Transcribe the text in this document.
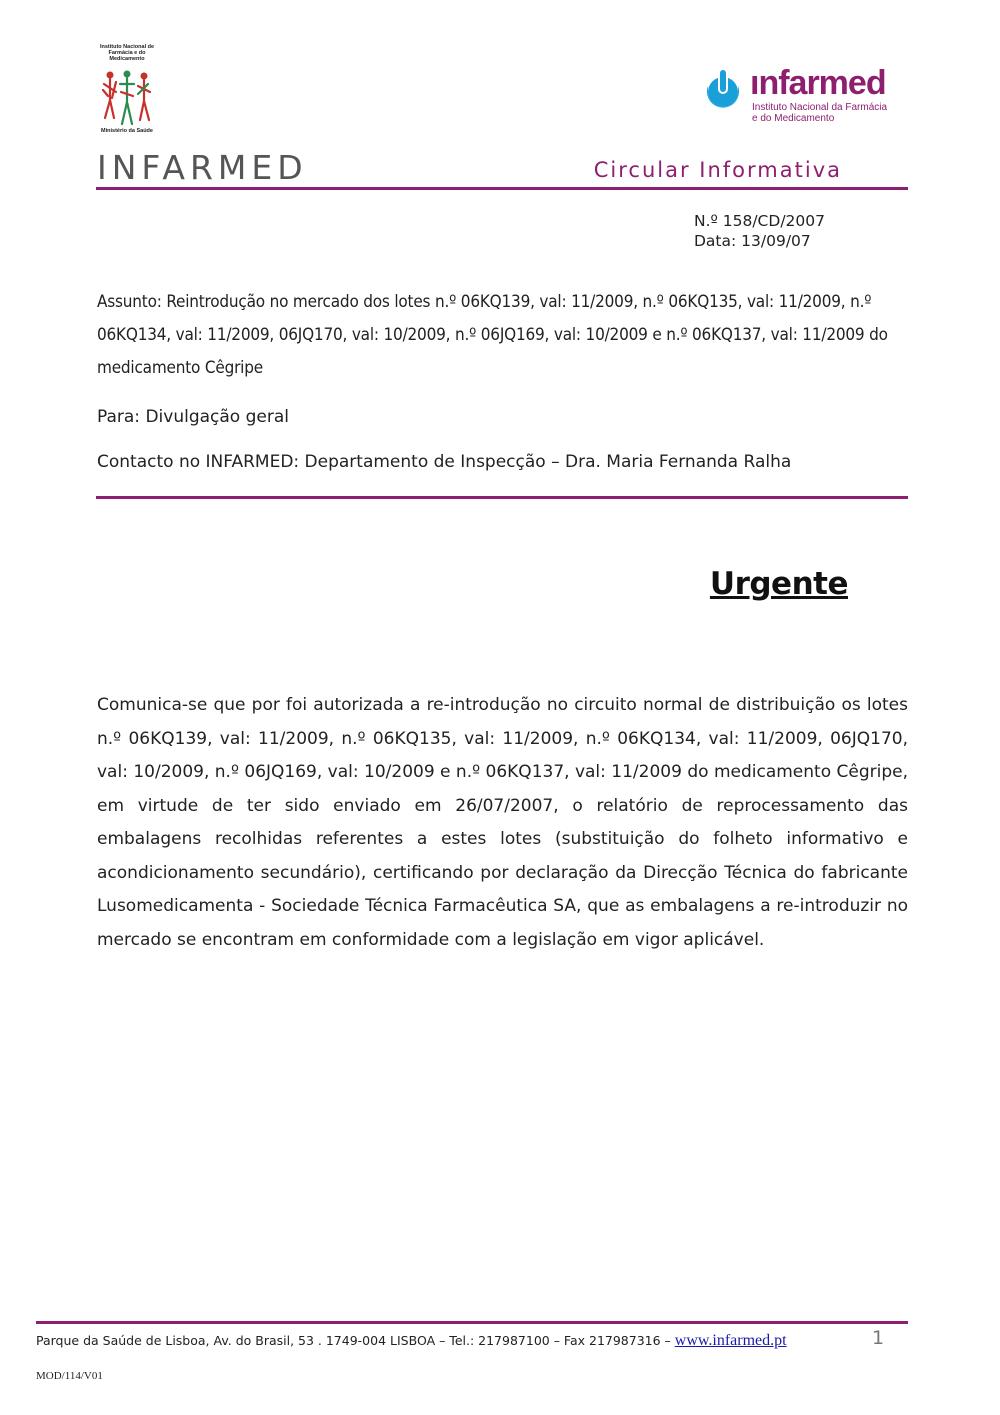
Instituto Nacional de Farmácia e do Medicamento
Ministério da Saúde
ınfarmed
Instituto Nacional da Farmácia e do Medicamento
INFARMED	Circular Informativa
N.º 158/CD/2007
Data: 13/09/07
Assunto: Reintrodução no mercado dos lotes n.º 06KQ139, val: 11/2009, n.º 06KQ135, val: 11/2009, n.º 06KQ134, val: 11/2009, 06JQ170, val: 10/2009, n.º 06JQ169, val: 10/2009 e n.º 06KQ137, val: 11/2009 do medicamento Cêgripe
Para: Divulgação geral
Contacto no INFARMED: Departamento de Inspecção – Dra. Maria Fernanda Ralha
Urgente
Comunica-se que por foi autorizada a re-introdução no circuito normal de distribuição os lotes n.º 06KQ139, val: 11/2009, n.º 06KQ135, val: 11/2009, n.º 06KQ134, val: 11/2009, 06JQ170, val: 10/2009, n.º 06JQ169, val: 10/2009 e n.º 06KQ137, val: 11/2009 do medicamento Cêgripe, em virtude de ter sido enviado em 26/07/2007, o relatório de reprocessamento das embalagens recolhidas referentes a estes lotes (substituição do folheto informativo e acondicionamento secundário), certificando por declaração da Direcção Técnica do fabricante Lusomedicamenta - Sociedade Técnica Farmacêutica SA, que as embalagens a re-introduzir no mercado se encontram em conformidade com a legislação em vigor aplicável.
Parque da Saúde de Lisboa, Av. do Brasil, 53 . 1749-004 LISBOA – Tel.: 217987100 – Fax 217987316 – www.infarmed.pt	1
MOD/114/V01
